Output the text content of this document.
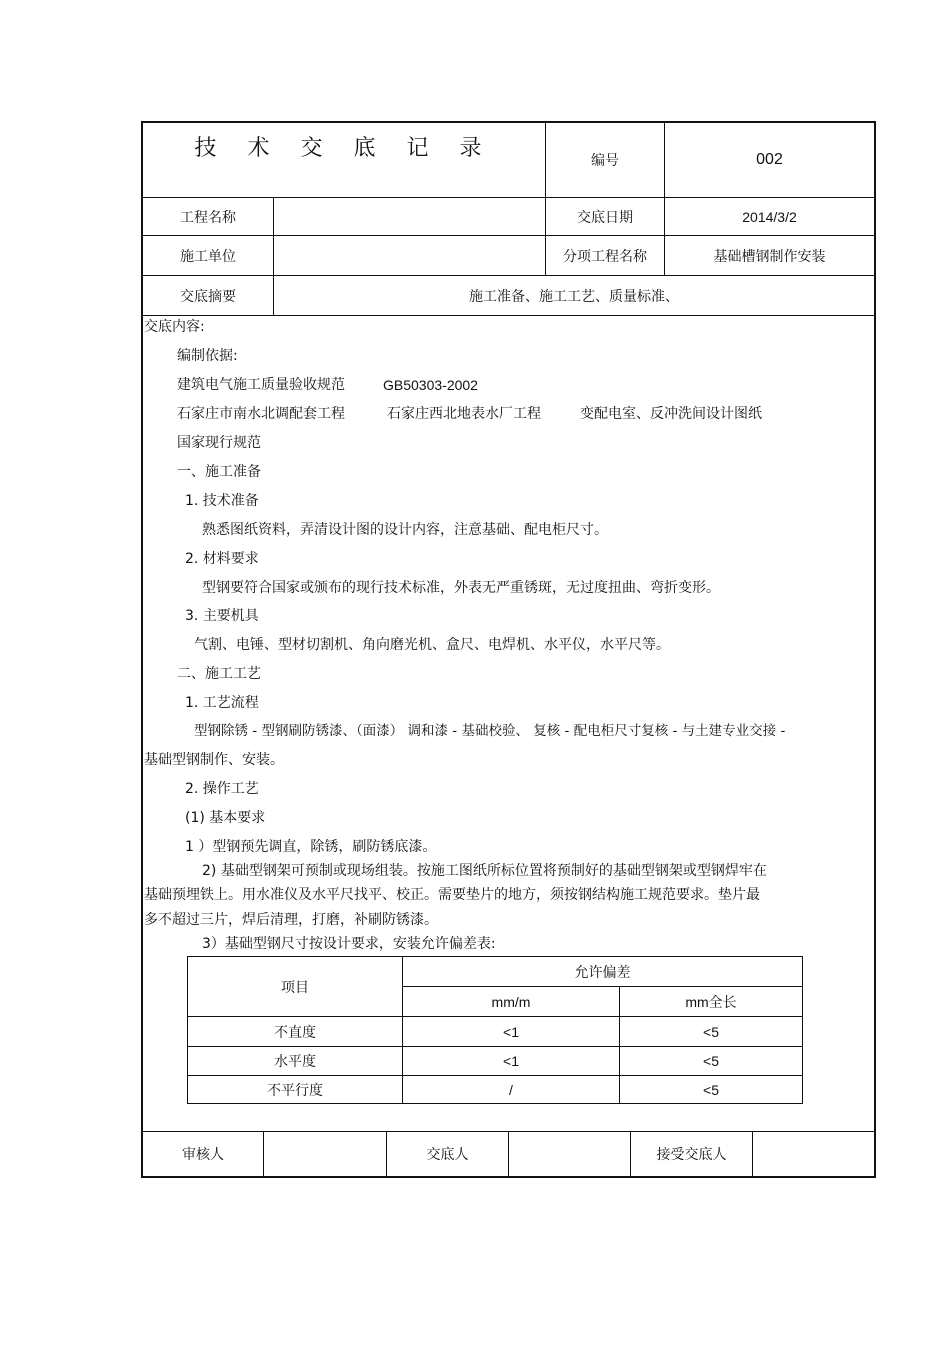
技 术 交 底 记 录	编号	002
工程名称	交底日期	2014/3/2
施工单位	分项工程名称	基础槽钢制作安装
交底摘要	施工准备、施工工艺、质量标准、
交底内容:
编制依据:
建筑电气施工质量验收规范	GB50303-2002
石家庄市南水北调配套工程	石家庄西北地表水厂工程	变配电室、反冲洗间设计图纸
国家现行规范
一、施工准备
1. 技术准备
熟悉图纸资料，弄清设计图的设计内容，注意基础、配电柜尺寸。
2. 材料要求
型钢要符合国家或颁布的现行技术标准，外表无严重锈斑，无过度扭曲、弯折变形。
3. 主要机具
气割、电锤、型材切割机、角向磨光机、盒尺、电焊机、水平仪，水平尺等。
二、施工工艺
1. 工艺流程
型钢除锈 - 型钢刷防锈漆、（面漆） 调和漆 - 基础校验、 复核 - 配电柜尺寸复核 - 与土建专业交接 -
基础型钢制作、安装。
2. 操作工艺
(1) 基本要求
1 ）型钢预先调直，除锈，刷防锈底漆。
2) 基础型钢架可预制或现场组装。按施工图纸所标位置将预制好的基础型钢架或型钢焊牢在
基础预埋铁上。用水准仪及水平尺找平、校正。需要垫片的地方，须按钢结构施工规范要求。垫片最
多不超过三片，焊后清理，打磨，补刷防锈漆。
3）基础型钢尺寸按设计要求，安装允许偏差表:
项目
允许偏差
mm/m	mm全长
不直度	<1	<5
水平度	<1	<5
不平行度	/	<5
审核人	交底人	接受交底人
